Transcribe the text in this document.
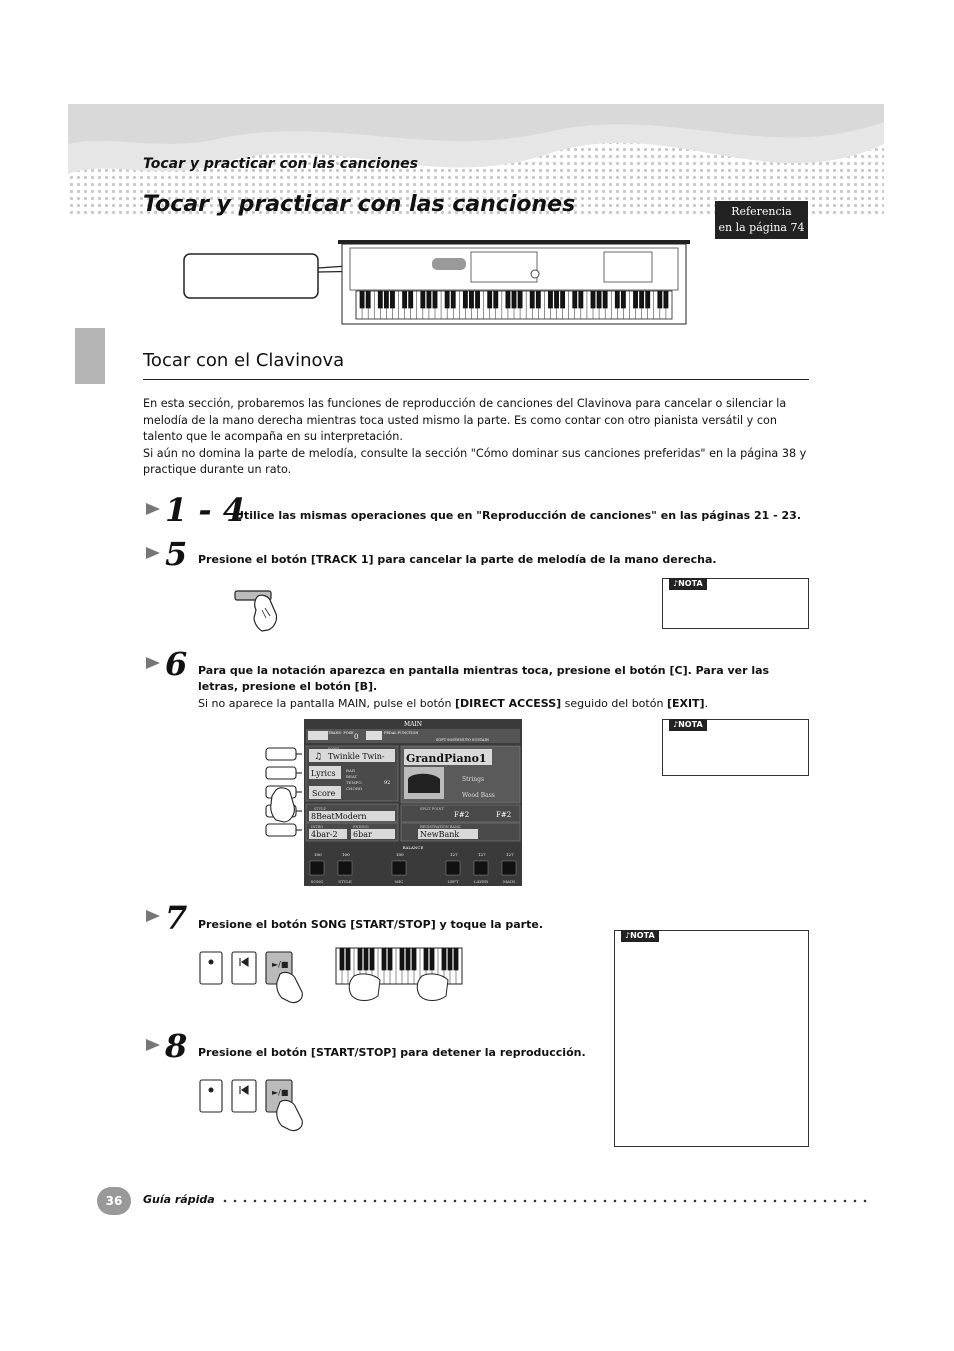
Tocar y practicar con las canciones
Tocar y practicar con las canciones	Referencia
en la página 74
Tocar con el Clavinova
En esta sección, probaremos las funciones de reproducción de canciones del Clavinova para cancelar o silenciar la melodía de la mano derecha mientras toca usted mismo la parte. Es como contar con otro pianista versátil y con talento que le acompaña en su interpretación.
Si aún no domina la parte de melodía, consulte la sección "Cómo dominar sus canciones preferidas" en la página 38 y practique durante un rato.
1 - 4
Utilice las mismas operaciones que en "Reproducción de canciones" en las páginas 21 - 23.
5 Presione el botón [TRACK 1] para cancelar la parte de melodía de la mano derecha.
♪NOTA
6 Para que la notación aparezca en pantalla mientras toca, presione el botón [C]. Para ver las letras, presione el botón [B].
Si no aparece la pantalla MAIN, pulse el botón [DIRECT ACCESS] seguido del botón [EXIT].
MAIN
TRANS- POSE 0	PEDAL FUNCTION
SOFT SOSTENUTO SUSTAIN
Twinkle Twin-
♫
Lyrics
Score
BAR
BEAT
TEMPO
CHORD
92
GrandPiano1
Strings
Wood Bass
STYLE
8BeatModern
SPLIT POINT
F#2	F#2
INTRO	ENDING
4bar-2 6bar
REGISTRATION BANK
NewBank
BALANCE
100
SONG
100
STYLE
100
MIC
127
LEFT
127
LAYER
127
MAIN
♪NOTA
7 Presione el botón SONG [START/STOP] y toque la parte.
►/■
♪NOTA
8 Presione el botón [START/STOP] para detener la reproducción.
►/■
36	Guía rápida
